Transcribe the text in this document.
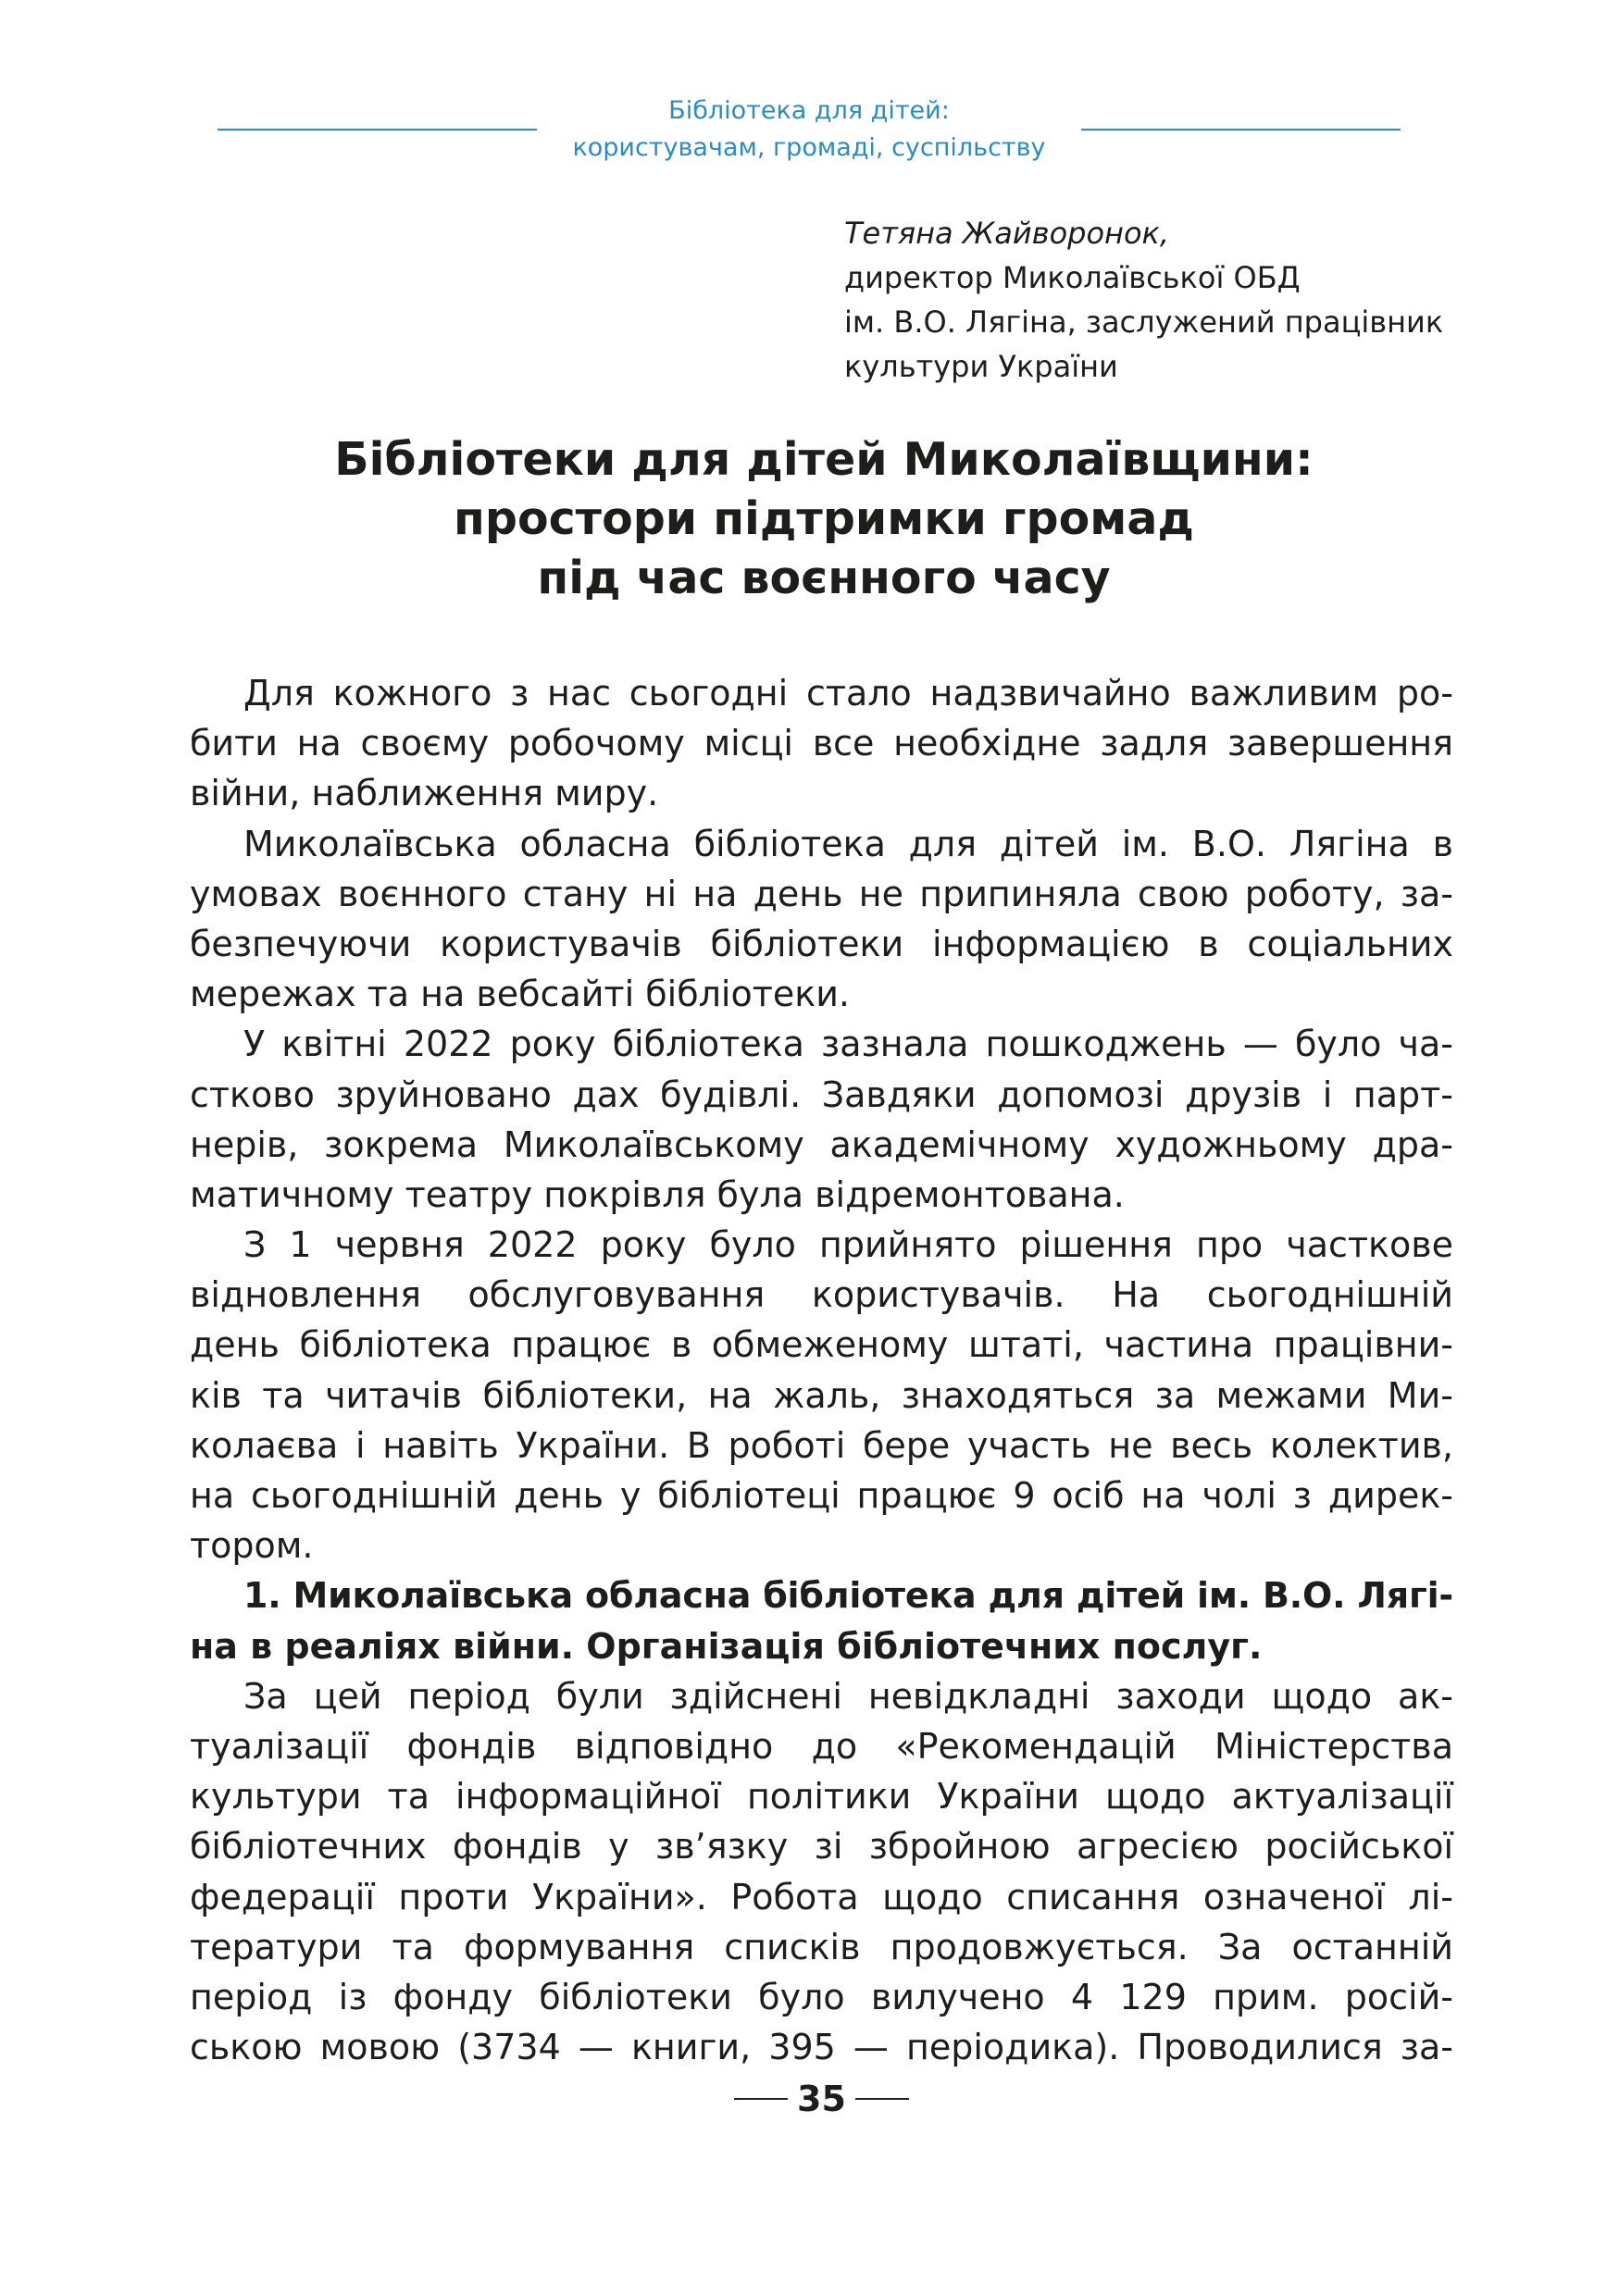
Бібліотека для дітей:
користувачам, громаді, суспільству
Тетяна Жайворонок,
директор Миколаївської ОБД
ім. В.О. Лягіна, заслужений працівник
культури України
Бібліотеки для дітей Миколаївщини:
простори підтримки громад
під час воєнного часу
Для кожного з нас сьогодні стало надзвичайно важливим ро-
бити на своєму робочому місці все необхідне задля завершення
війни, наближення миру.
Миколаївська обласна бібліотека для дітей ім. В.О. Лягіна в
умовах воєнного стану ні на день не припиняла свою роботу, за-
безпечуючи користувачів бібліотеки інформацією в соціальних
мережах та на вебсайті бібліотеки.
У квітні 2022 року бібліотека зазнала пошкоджень — було ча-
стково зруйновано дах будівлі. Завдяки допомозі друзів і парт-
нерів, зокрема Миколаївському академічному художньому дра-
матичному театру покрівля була відремонтована.
З 1 червня 2022 року було прийнято рішення про часткове
відновлення обслуговування користувачів. На сьогоднішній
день бібліотека працює в обмеженому штаті, частина працівни-
ків та читачів бібліотеки, на жаль, знаходяться за межами Ми-
колаєва і навіть України. В роботі бере участь не весь колектив,
на сьогоднішній день у бібліотеці працює 9 осіб на чолі з дирек-
тором.
1. Миколаївська обласна бібліотека для дітей ім. В.О. Лягі-
на в реаліях війни. Організація бібліотечних послуг.
За цей період були здійснені невідкладні заходи щодо ак-
туалізації фондів відповідно до «Рекомендацій Міністерства
культури та інформаційної політики України щодо актуалізації
бібліотечних фондів у зв’язку зі збройною агресією російської
федерації проти України». Робота щодо списання означеної лі-
тератури та формування списків продовжується. За останній
період із фонду бібліотеки було вилучено 4 129 прим. росій-
ською мовою (3734 — книги, 395 — періодика). Проводилися за-
35
